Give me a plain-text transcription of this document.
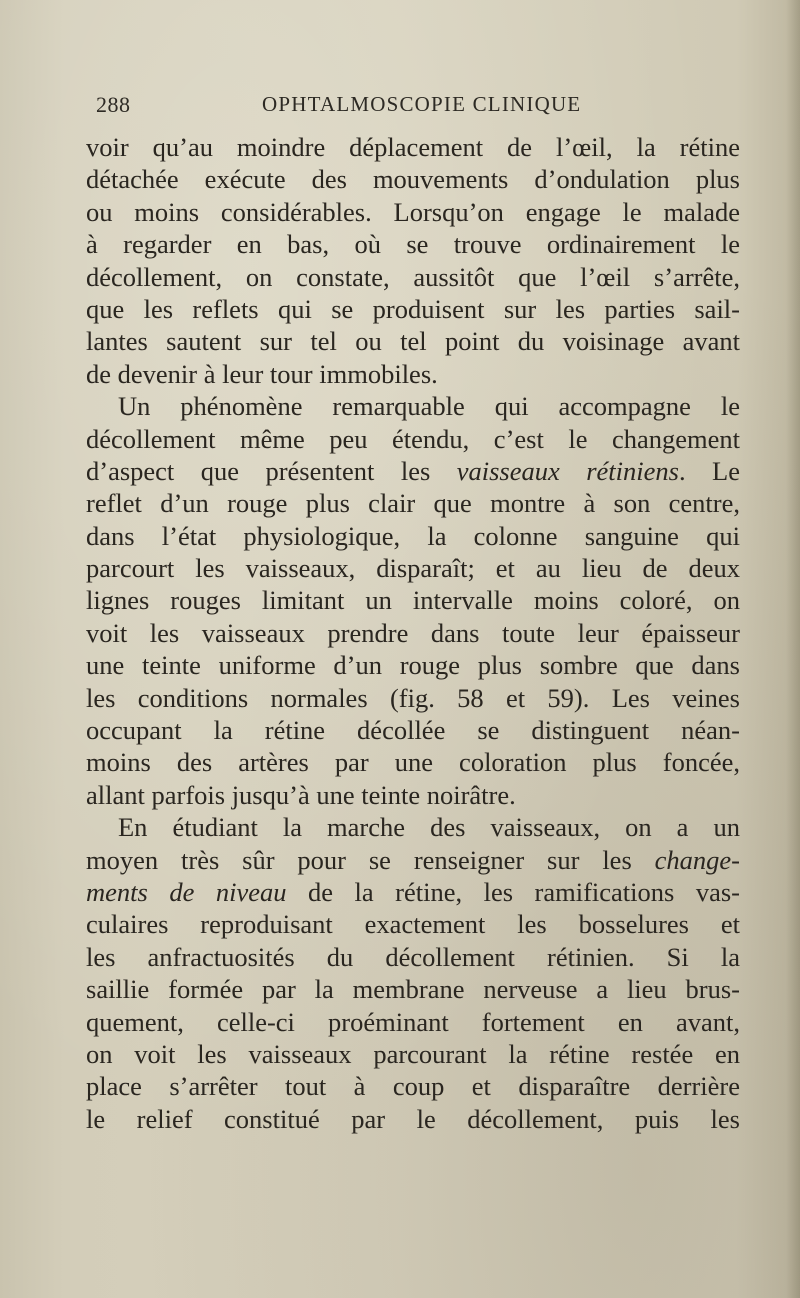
288	OPHTALMOSCOPIE CLINIQUE
voir qu’au moindre déplacement de l’œil, la rétine
détachée exécute des mouvements d’ondulation plus
ou moins considérables. Lorsqu’on engage le malade
à regarder en bas, où se trouve ordinairement le
décollement, on constate, aussitôt que l’œil s’arrête,
que les reflets qui se produisent sur les parties sail-
lantes sautent sur tel ou tel point du voisinage avant
de devenir à leur tour immobiles.
Un phénomène remarquable qui accompagne le
décollement même peu étendu, c’est le changement
d’aspect que présentent les vaisseaux rétiniens. Le
reflet d’un rouge plus clair que montre à son centre,
dans l’état physiologique, la colonne sanguine qui
parcourt les vaisseaux, disparaît; et au lieu de deux
lignes rouges limitant un intervalle moins coloré, on
voit les vaisseaux prendre dans toute leur épaisseur
une teinte uniforme d’un rouge plus sombre que dans
les conditions normales (fig. 58 et 59). Les veines
occupant la rétine décollée se distinguent néan-
moins des artères par une coloration plus foncée,
allant parfois jusqu’à une teinte noirâtre.
En étudiant la marche des vaisseaux, on a un
moyen très sûr pour se renseigner sur les change-
ments de niveau de la rétine, les ramifications vas-
culaires reproduisant exactement les bosselures et
les anfractuosités du décollement rétinien. Si la
saillie formée par la membrane nerveuse a lieu brus-
quement, celle-ci proéminant fortement en avant,
on voit les vaisseaux parcourant la rétine restée en
place s’arrêter tout à coup et disparaître derrière
le relief constitué par le décollement, puis les
